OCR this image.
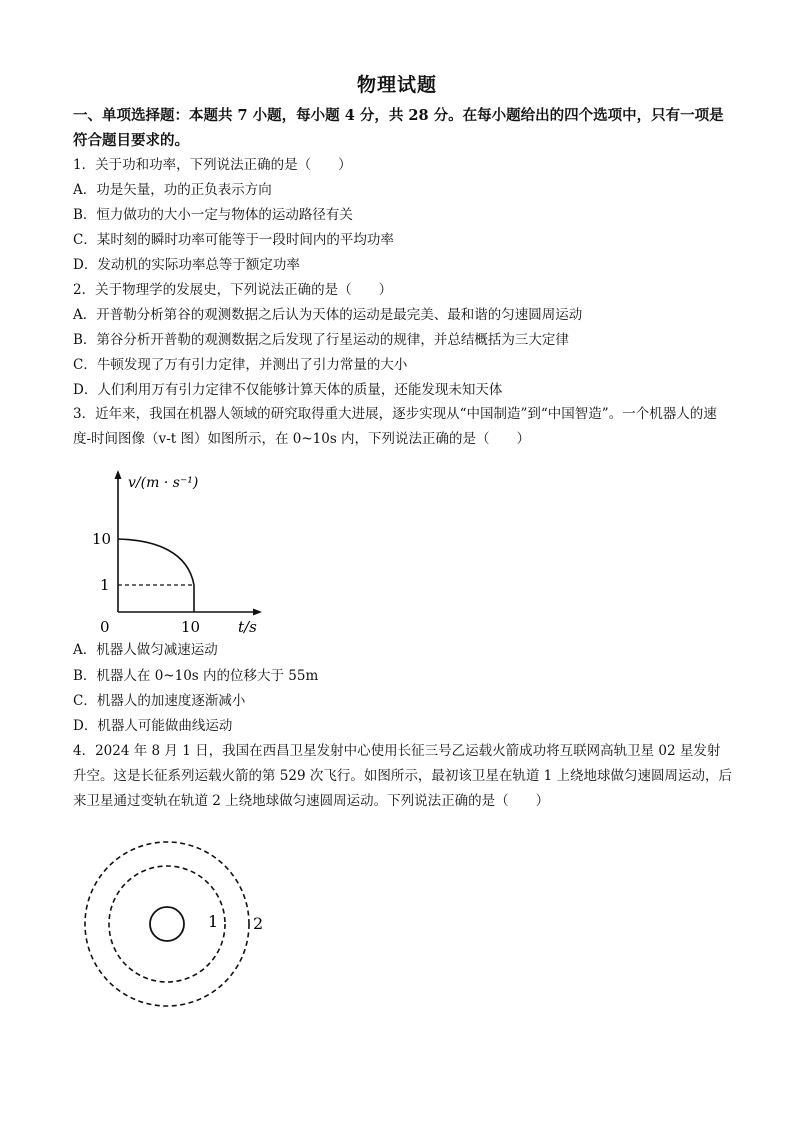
物理试题
一、单项选择题：本题共 7 小题，每小题 4 分，共 28 分。在每小题给出的四个选项中，只有一项是符合题目要求的。
1．关于功和功率，下列说法正确的是（　　）
A．功是矢量，功的正负表示方向
B．恒力做功的大小一定与物体的运动路径有关
C．某时刻的瞬时功率可能等于一段时间内的平均功率
D．发动机的实际功率总等于额定功率
2．关于物理学的发展史，下列说法正确的是（　　）
A．开普勒分析第谷的观测数据之后认为天体的运动是最完美、最和谐的匀速圆周运动
B．第谷分析开普勒的观测数据之后发现了行星运动的规律，并总结概括为三大定律
C．牛顿发现了万有引力定律，并测出了引力常量的大小
D．人们利用万有引力定律不仅能够计算天体的质量，还能发现未知天体
3．近年来，我国在机器人领域的研究取得重大进展，逐步实现从“中国制造”到“中国智造”。一个机器人的速度-时间图像（v-t 图）如图所示，在 0~10s 内，下列说法正确的是（　　）
v/(m · s⁻¹)
10
1
0	10	t/s
A．机器人做匀减速运动
B．机器人在 0~10s 内的位移大于 55m
C．机器人的加速度逐渐减小
D．机器人可能做曲线运动
4．2024 年 8 月 1 日，我国在西昌卫星发射中心使用长征三号乙运载火箭成功将互联网高轨卫星 02 星发射升空。这是长征系列运载火箭的第 529 次飞行。如图所示，最初该卫星在轨道 1 上绕地球做匀速圆周运动，后来卫星通过变轨在轨道 2 上绕地球做匀速圆周运动。下列说法正确的是（　　）
1 2
